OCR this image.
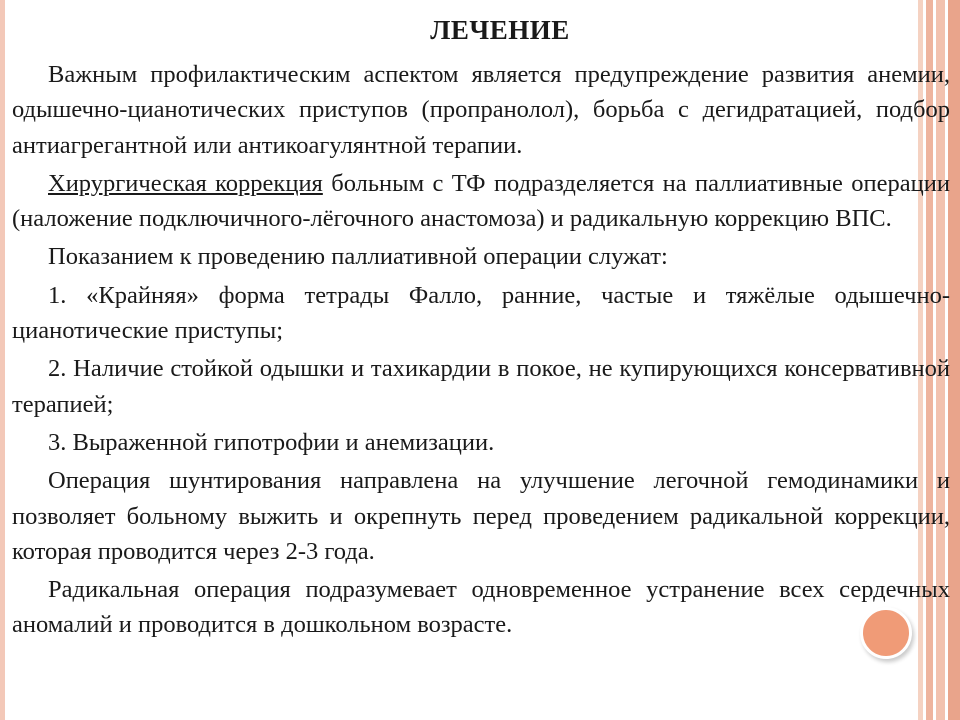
ЛЕЧЕНИЕ

Важным профилактическим аспектом является предупреждение развития анемии, одышечно-цианотических приступов (пропранолол), борьба с дегидратацией, подбор антиагрегантной или антикоагулянтной терапии.

Хирургическая коррекция больным с ТФ подразделяется на паллиативные операции (наложение подключичного-лёгочного анастомоза) и радикальную коррекцию ВПС.

Показанием к проведению паллиативной операции служат:

1. «Крайняя» форма тетрады Фалло, ранние, частые и тяжёлые одышечно-цианотические приступы;

2. Наличие стойкой одышки и тахикардии в покое, не купирующихся консервативной терапией;

3. Выраженной гипотрофии и анемизации.

Операция шунтирования направлена на улучшение легочной гемодинамики и позволяет больному выжить и окрепнуть перед проведением радикальной коррекции, которая проводится через 2-3 года.

Радикальная операция подразумевает одновременное устранение всех сердечных аномалий и проводится в дошкольном возрасте.
